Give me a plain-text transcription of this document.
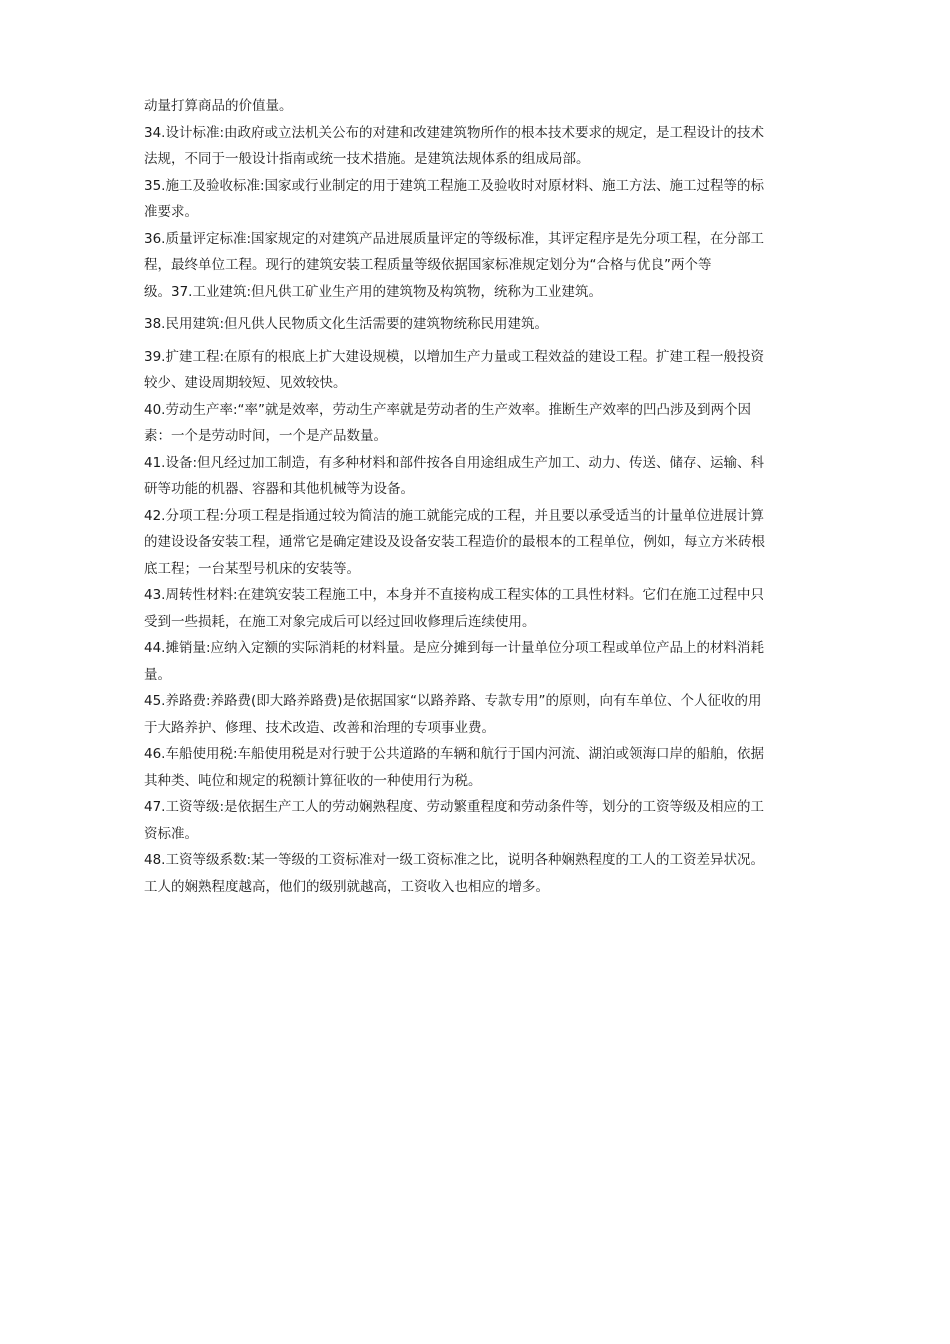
动量打算商品的价值量。

34.设计标准:由政府或立法机关公布的对建和改建建筑物所作的根本技术要求的规定，是工程设计的技术
法规，不同于一般设计指南或统一技术措施。是建筑法规体系的组成局部。

35.施工及验收标准:国家或行业制定的用于建筑工程施工及验收时对原材料、施工方法、施工过程等的标
准要求。

36.质量评定标准:国家规定的对建筑产品进展质量评定的等级标准，其评定程序是先分项工程，在分部工
程，最终单位工程。现行的建筑安装工程质量等级依据国家标准规定划分为“合格与优良”两个等
级。37.工业建筑:但凡供工矿业生产用的建筑物及构筑物，统称为工业建筑。

38.民用建筑:但凡供人民物质文化生活需要的建筑物统称民用建筑。

39.扩建工程:在原有的根底上扩大建设规模，以增加生产力量或工程效益的建设工程。扩建工程一般投资
较少、建设周期较短、见效较快。

40.劳动生产率:“率”就是效率，劳动生产率就是劳动者的生产效率。推断生产效率的凹凸涉及到两个因
素：一个是劳动时间，一个是产品数量。

41.设备:但凡经过加工制造，有多种材料和部件按各自用途组成生产加工、动力、传送、储存、运输、科
研等功能的机器、容器和其他机械等为设备。

42.分项工程:分项工程是指通过较为简洁的施工就能完成的工程，并且要以承受适当的计量单位进展计算
的建设设备安装工程，通常它是确定建设及设备安装工程造价的最根本的工程单位，例如，每立方米砖根
底工程；一台某型号机床的安装等。

43.周转性材料:在建筑安装工程施工中，本身并不直接构成工程实体的工具性材料。它们在施工过程中只
受到一些损耗，在施工对象完成后可以经过回收修理后连续使用。

44.摊销量:应纳入定额的实际消耗的材料量。是应分摊到每一计量单位分项工程或单位产品上的材料消耗
量。

45.养路费:养路费(即大路养路费)是依据国家“以路养路、专款专用”的原则，向有车单位、个人征收的用
于大路养护、修理、技术改造、改善和治理的专项事业费。

46.车船使用税:车船使用税是对行驶于公共道路的车辆和航行于国内河流、湖泊或领海口岸的船舶，依据
其种类、吨位和规定的税额计算征收的一种使用行为税。

47.工资等级:是依据生产工人的劳动娴熟程度、劳动繁重程度和劳动条件等，划分的工资等级及相应的工
资标准。

48.工资等级系数:某一等级的工资标准对一级工资标准之比，说明各种娴熟程度的工人的工资差异状况。
工人的娴熟程度越高，他们的级别就越高，工资收入也相应的增多。
